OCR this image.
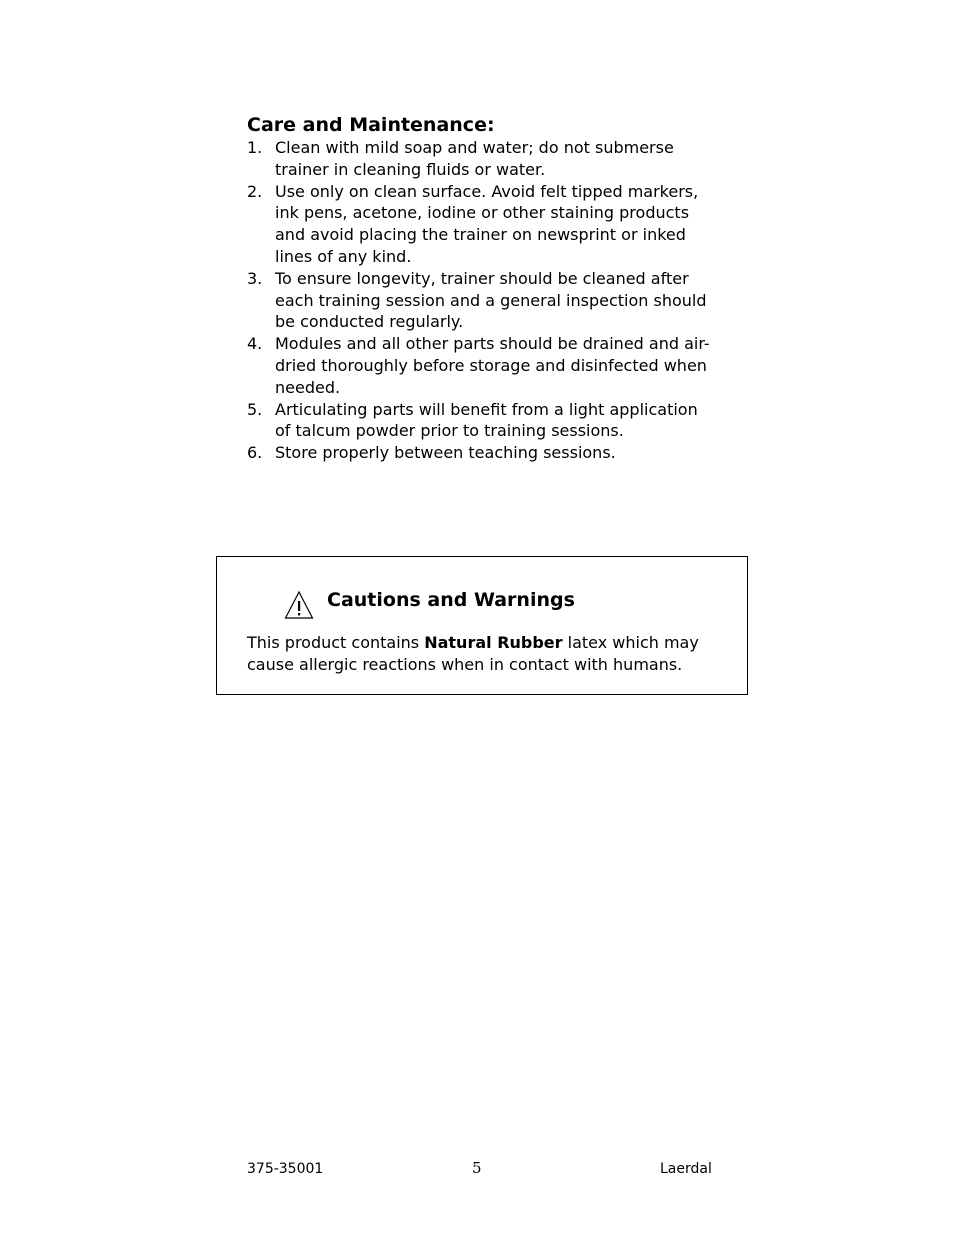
Care and Maintenance:
1. Clean with mild soap and water; do not submerse trainer in cleaning fluids or water.
2. Use only on clean surface. Avoid felt tipped markers, ink pens, acetone, iodine or other staining products and avoid placing the trainer on newsprint or inked lines of any kind.
3. To ensure longevity, trainer should be cleaned after each training session and a general inspection should be conducted regularly.
4. Modules and all other parts should be drained and air-dried thoroughly before storage and disinfected when needed.
5. Articulating parts will benefit from a light application of talcum powder prior to training sessions.
6. Store properly between teaching sessions.
Cautions and Warnings

This product contains Natural Rubber latex which may cause allergic reactions when in contact with humans.

375-35001	5	Laerdal
